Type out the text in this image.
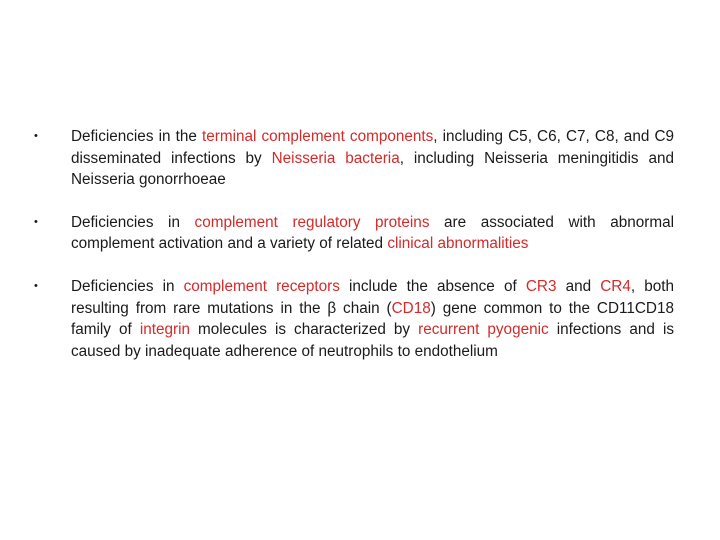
• Deficiencies in the terminal complement components, including C5, C6, C7, C8, and C9 disseminated infections by Neisseria bacteria, including Neisseria meningitidis and Neisseria gonorrhoeae
• Deficiencies in complement regulatory proteins are associated with abnormal complement activation and a variety of related clinical abnormalities
• Deficiencies in complement receptors include the absence of CR3 and CR4, both resulting from rare mutations in the β chain (CD18) gene common to the CD11CD18 family of integrin molecules is characterized by recurrent pyogenic infections and is caused by inadequate adherence of neutrophils to endothelium
